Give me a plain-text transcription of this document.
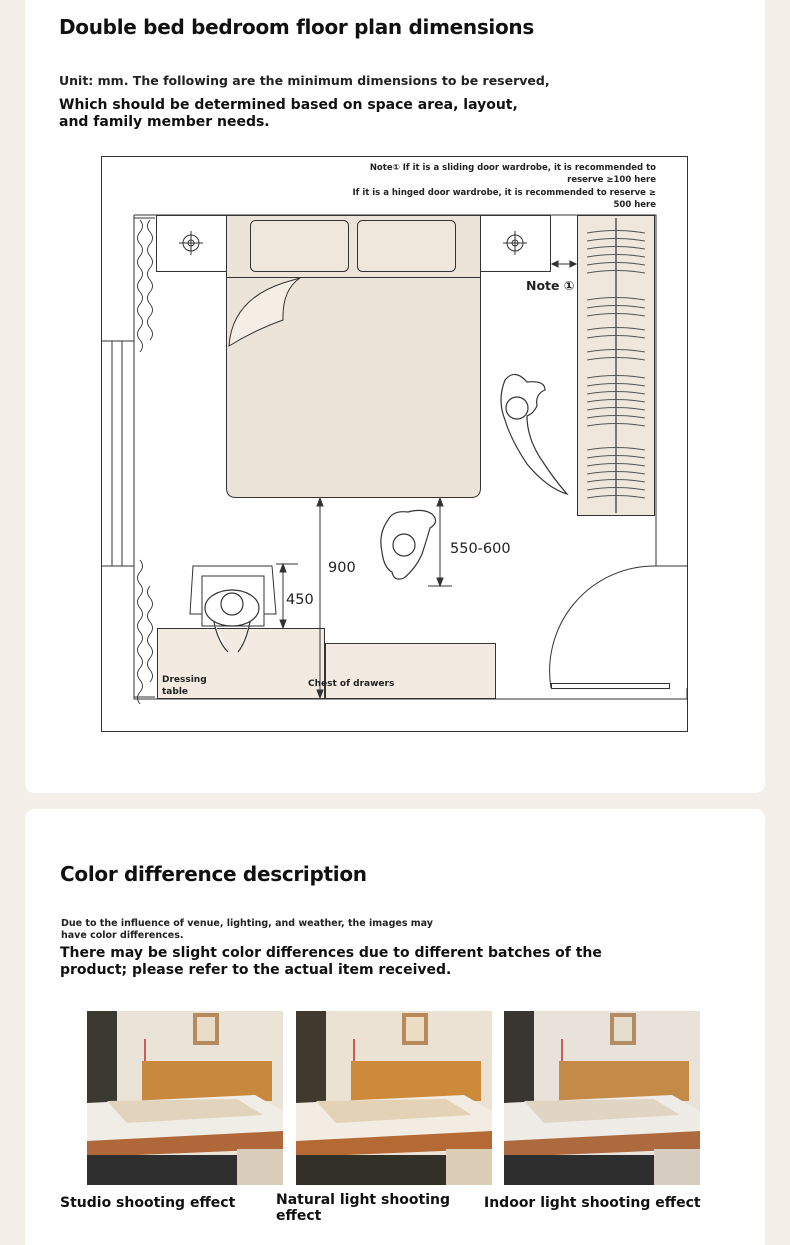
Double bed bedroom floor plan dimensions
Unit: mm. The following are the minimum dimensions to be reserved,
Which should be determined based on space area, layout, and family member needs.
Note① If it is a sliding door wardrobe, it is recommended to
reserve ≥100 here
If it is a hinged door wardrobe, it is recommended to reserve ≥
500 here
Note ①
900
450
550-600
Dressing
table
Chest of drawers
Color difference description
Due to the influence of venue, lighting, and weather, the images may have color differences.
There may be slight color differences due to different batches of the product; please refer to the actual item received.
Studio shooting effect	Natural light shooting effect
Indoor light shooting effect
